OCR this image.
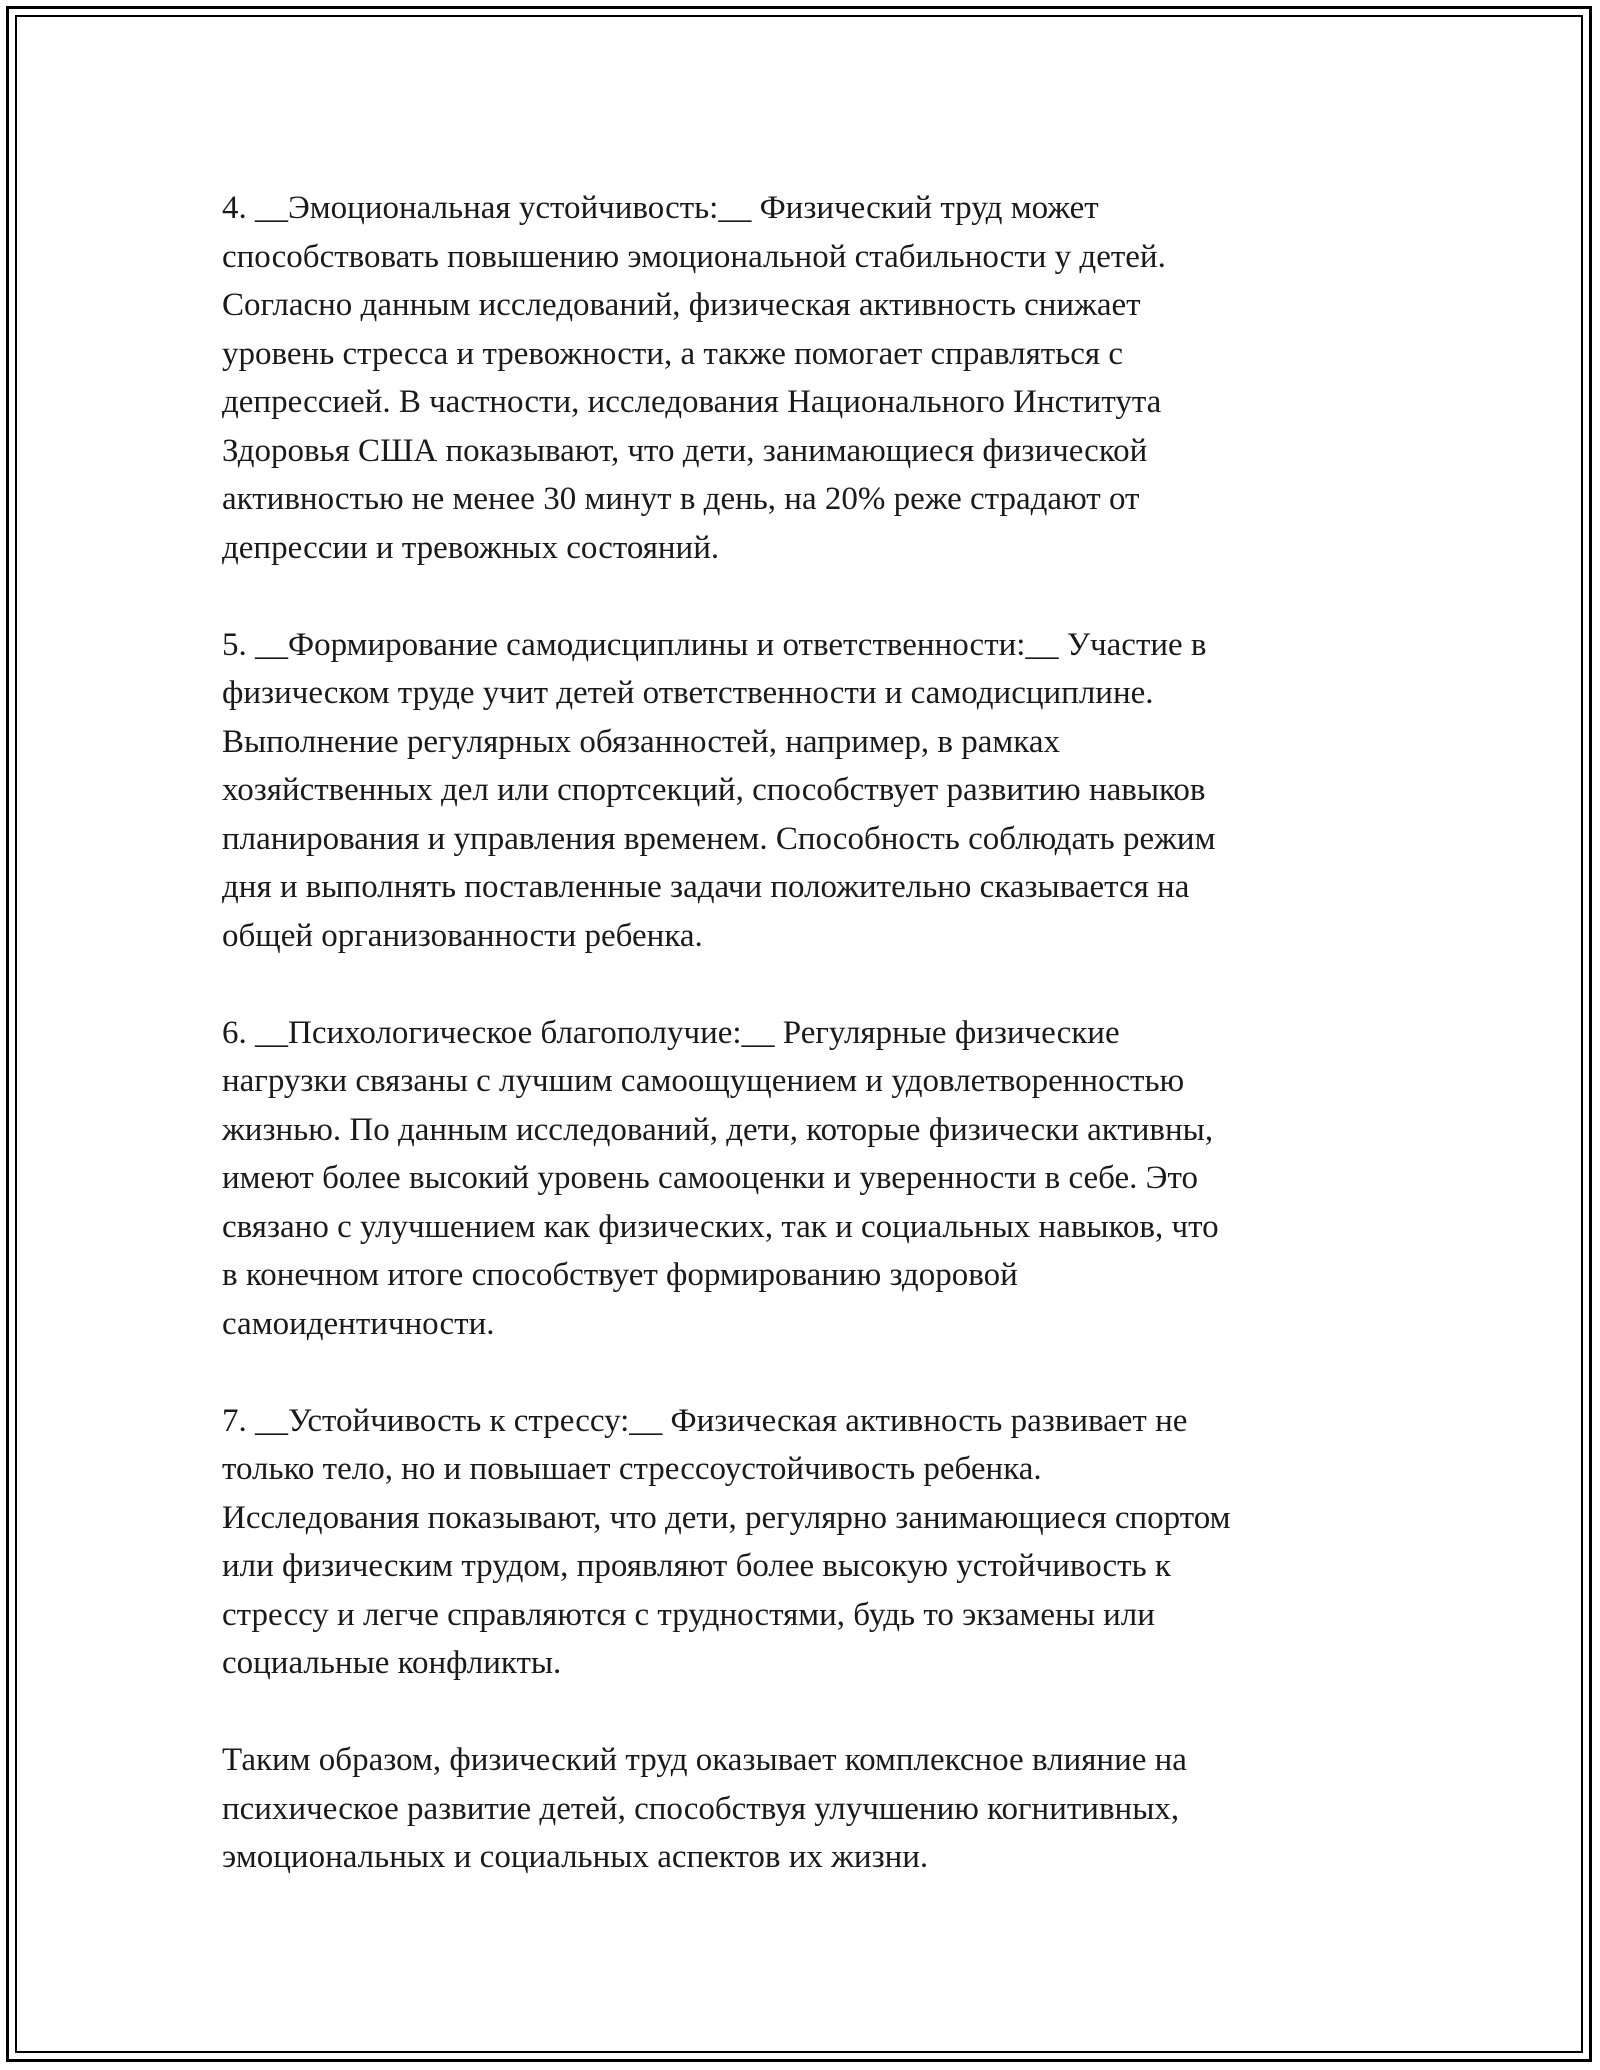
4. __Эмоциональная устойчивость:__ Физический труд может
способствовать повышению эмоциональной стабильности у детей.
Согласно данным исследований, физическая активность снижает
уровень стресса и тревожности, а также помогает справляться с
депрессией. В частности, исследования Национального Института
Здоровья США показывают, что дети, занимающиеся физической
активностью не менее 30 минут в день, на 20% реже страдают от
депрессии и тревожных состояний.

5. __Формирование самодисциплины и ответственности:__ Участие в
физическом труде учит детей ответственности и самодисциплине.
Выполнение регулярных обязанностей, например, в рамках
хозяйственных дел или спортсекций, способствует развитию навыков
планирования и управления временем. Способность соблюдать режим
дня и выполнять поставленные задачи положительно сказывается на
общей организованности ребенка.

6. __Психологическое благополучие:__ Регулярные физические
нагрузки связаны с лучшим самоощущением и удовлетворенностью
жизнью. По данным исследований, дети, которые физически активны,
имеют более высокий уровень самооценки и уверенности в себе. Это
связано с улучшением как физических, так и социальных навыков, что
в конечном итоге способствует формированию здоровой
самоидентичности.

7. __Устойчивость к стрессу:__ Физическая активность развивает не
только тело, но и повышает стрессоустойчивость ребенка.
Исследования показывают, что дети, регулярно занимающиеся спортом
или физическим трудом, проявляют более высокую устойчивость к
стрессу и легче справляются с трудностями, будь то экзамены или
социальные конфликты.

Таким образом, физический труд оказывает комплексное влияние на
психическое развитие детей, способствуя улучшению когнитивных,
эмоциональных и социальных аспектов их жизни.
